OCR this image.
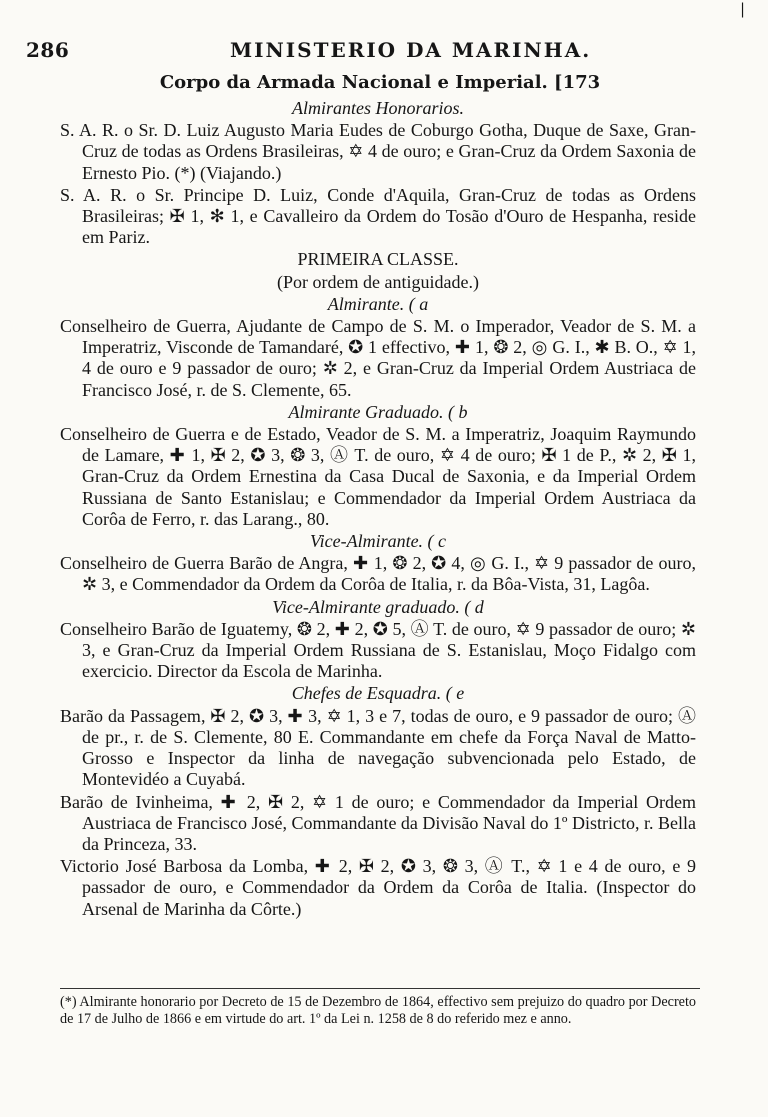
|
286	MINISTERIO DA MARINHA.
Corpo da Armada Nacional e Imperial. [173
Almirantes Honorarios.
S. A. R. o Sr. D. Luiz Augusto Maria Eudes de Coburgo Gotha, Duque de Saxe, Gran-Cruz de todas as Ordens Brasileiras, ✡ 4 de ouro; e Gran-Cruz da Ordem Saxonia de Ernesto Pio. (*) (Viajando.)
S. A. R. o Sr. Principe D. Luiz, Conde d'Aquila, Gran-Cruz de todas as Ordens Brasileiras; ✠ 1, ✻ 1, e Cavalleiro da Ordem do Tosão d'Ouro de Hespanha, reside em Pariz.
PRIMEIRA CLASSE.
(Por ordem de antiguidade.)
Almirante. ( a
Conselheiro de Guerra, Ajudante de Campo de S. M. o Imperador, Veador de S. M. a Imperatriz, Visconde de Tamandaré, ✪ 1 effectivo, ✚ 1, ❂ 2, ◎ G. I., ✱ B. O., ✡ 1, 4 de ouro e 9 passador de ouro; ✲ 2, e Gran-Cruz da Imperial Ordem Austriaca de Francisco José, r. de S. Clemente, 65.
Almirante Graduado. ( b
Conselheiro de Guerra e de Estado, Veador de S. M. a Imperatriz, Joaquim Raymundo de Lamare, ✚ 1, ✠ 2, ✪ 3, ❂ 3, Ⓐ T. de ouro, ✡ 4 de ouro; ✠ 1 de P., ✲ 2, ✠ 1, Gran-Cruz da Ordem Ernestina da Casa Ducal de Saxonia, e da Imperial Ordem Russiana de Santo Estanislau; e Commendador da Imperial Ordem Austriaca da Corôa de Ferro, r. das Larang., 80.
Vice-Almirante. ( c
Conselheiro de Guerra Barão de Angra, ✚ 1, ❂ 2, ✪ 4, ◎ G. I., ✡ 9 passador de ouro, ✲ 3, e Commendador da Ordem da Corôa de Italia, r. da Bôa-Vista, 31, Lagôa.
Vice-Almirante graduado. ( d
Conselheiro Barão de Iguatemy, ❂ 2, ✚ 2, ✪ 5, Ⓐ T. de ouro, ✡ 9 passador de ouro; ✲ 3, e Gran-Cruz da Imperial Ordem Russiana de S. Estanislau, Moço Fidalgo com exercicio. Director da Escola de Marinha.
Chefes de Esquadra. ( e
Barão da Passagem, ✠ 2, ✪ 3, ✚ 3, ✡ 1, 3 e 7, todas de ouro, e 9 passador de ouro; Ⓐ de pr., r. de S. Clemente, 80 E. Commandante em chefe da Força Naval de Matto-Grosso e Inspector da linha de navegação subvencionada pelo Estado, de Montevidéo a Cuyabá.
Barão de Ivinheima, ✚ 2, ✠ 2, ✡ 1 de ouro; e Commendador da Imperial Ordem Austriaca de Francisco José, Commandante da Divisão Naval do 1º Districto, r. Bella da Princeza, 33.
Victorio José Barbosa da Lomba, ✚ 2, ✠ 2, ✪ 3, ❂ 3, Ⓐ T., ✡ 1 e 4 de ouro, e 9 passador de ouro, e Commendador da Ordem da Corôa de Italia. (Inspector do Arsenal de Marinha da Côrte.)
(*) Almirante honorario por Decreto de 15 de Dezembro de 1864, effectivo sem prejuizo do quadro por Decreto de 17 de Julho de 1866 e em virtude do art. 1º da Lei n. 1258 de 8 do referido mez e anno.
